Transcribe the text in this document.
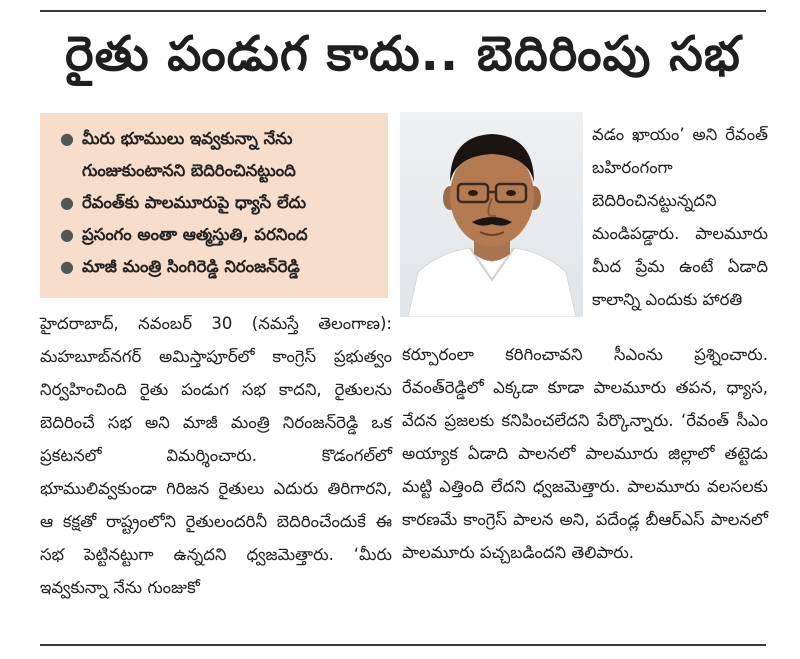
రైతు పండుగ కాదు.. బెదిరింపు సభ
● మీరు భూములు ఇవ్వకున్నా నేను గుంజుకుంటానని బెదిరించినట్టుంది
● రేవంత్‌కు పాలమూరుపై ధ్యాసే లేదు
● ప్రసంగం అంతా ఆత్మస్తుతి, పరనింద
● మాజీ మంత్రి సింగిరెడ్డి నిరంజన్‌రెడ్డి

వడం ఖాయం’ అని రేవంత్ బహిరంగంగా బెదిరించినట్టున్నదని మండిపడ్డారు. పాలమూరు మీద ప్రేమ ఉంటే ఏడాది కాలాన్ని ఎందుకు హారతి

హైదరాబాద్, నవంబర్ 30 (నమస్తే తెలంగాణ): మహబూబ్‌నగర్ అమిస్తాపూర్‌లో కాంగ్రెస్ ప్రభుత్వం నిర్వహించింది రైతు పండుగ సభ కాదని, రైతులను బెదిరించే సభ అని మాజీ మంత్రి నిరంజన్‌రెడ్డి ఒక ప్రకటనలో విమర్శించారు. కొడంగల్‌లో భూములివ్వకుండా గిరిజన రైతులు ఎదురు తిరిగారని, ఆ కక్షతో రాష్ట్రంలోని రైతులందరినీ బెదిరించేందుకే ఈ సభ పెట్టినట్టుగా ఉన్నదని ధ్వజమెత్తారు. ‘మీరు ఇవ్వకున్నా నేను గుంజుకో

కర్పూరంలా కరిగించావని సీఎంను ప్రశ్నించారు. రేవంత్‌రెడ్డిలో ఎక్కడా కూడా పాలమూరు తపన, ధ్యాస, వేదన ప్రజలకు కనిపించలేదని పేర్కొన్నారు. ‘రేవంత్ సీఎం అయ్యాక ఏడాది పాలనలో పాలమూరు జిల్లాలో తట్టెడు మట్టి ఎత్తింది లేదని ధ్వజమెత్తారు. పాలమూరు వలసలకు కారణమే కాంగ్రెస్ పాలన అని, పదేండ్ల బీఆర్‌ఎస్ పాలనలో పాలమూరు పచ్చబడిందని తెలిపారు.
